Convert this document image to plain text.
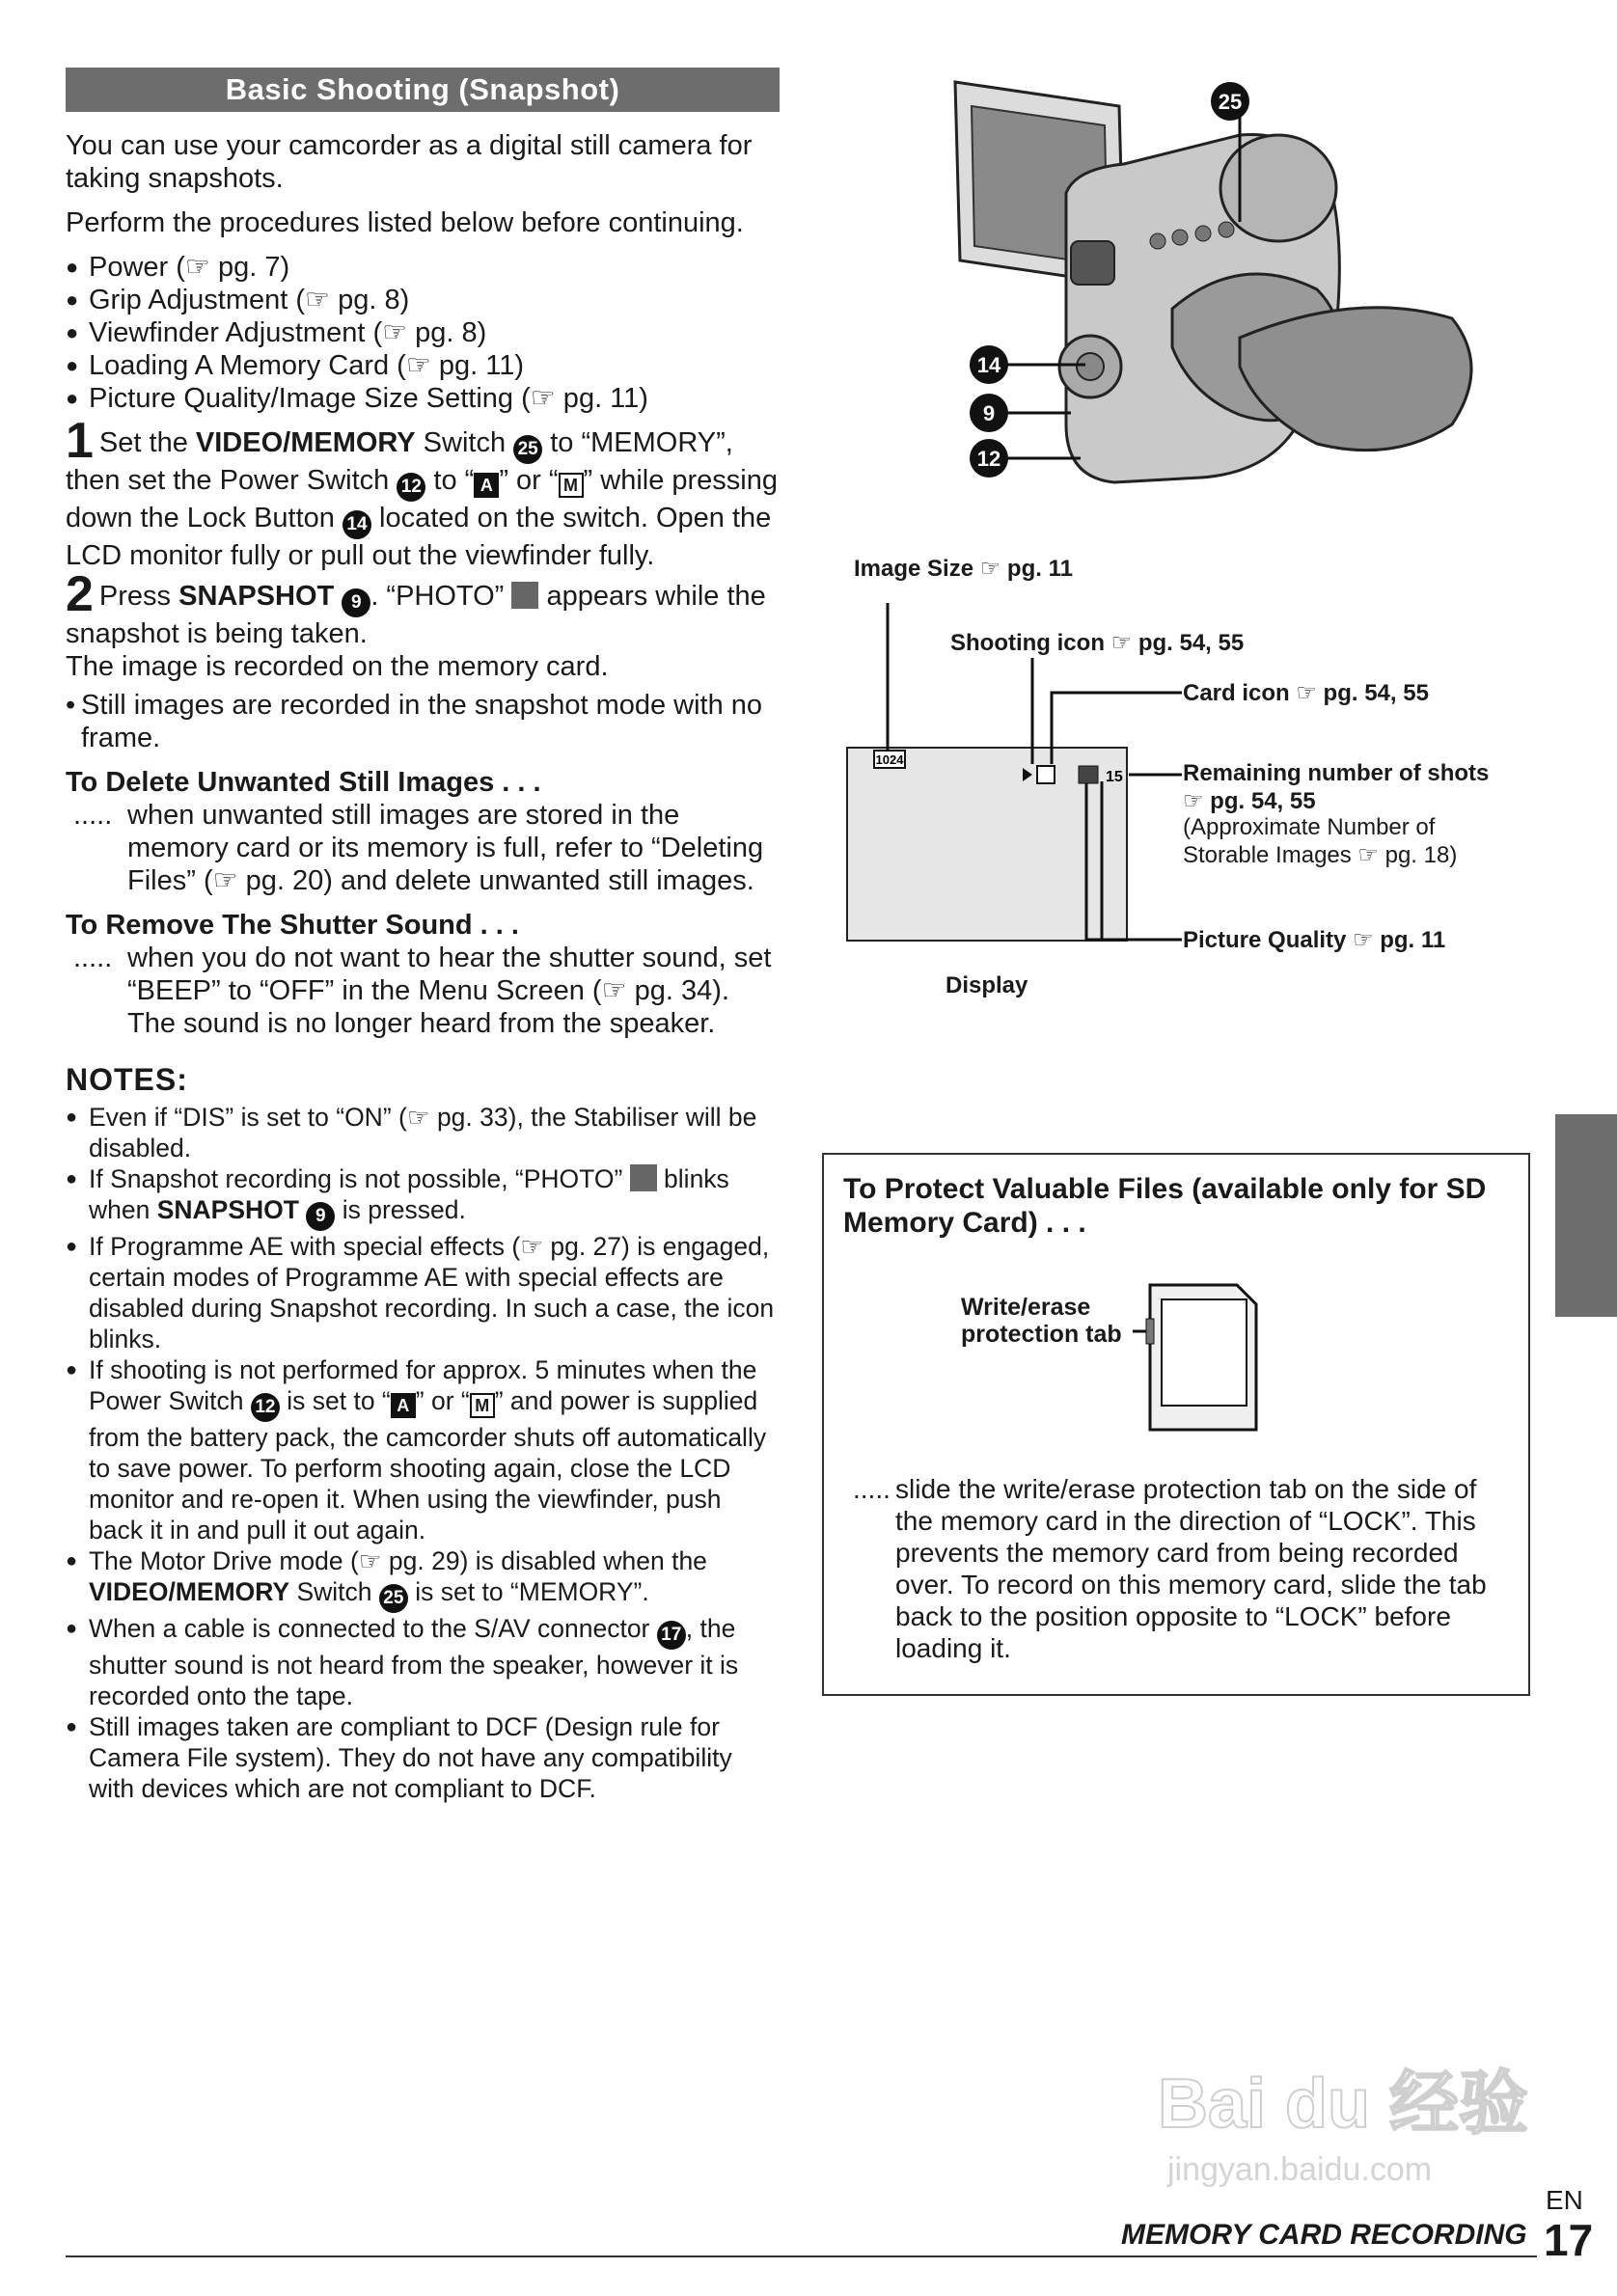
Basic Shooting (Snapshot)

You can use your camcorder as a digital still camera for taking snapshots.

Perform the procedures listed below before continuing.

● Power (☞ pg. 7)
● Grip Adjustment (☞ pg. 8)
● Viewfinder Adjustment (☞ pg. 8)
● Loading A Memory Card (☞ pg. 11)
● Picture Quality/Image Size Setting (☞ pg. 11)

1 Set the VIDEO/MEMORY Switch 25 to “MEMORY”, then set the Power Switch 12 to “ A ” or “ M ” while pressing down the Lock Button 14 located on the switch. Open the LCD monitor fully or pull out the viewfinder fully.

2 Press SNAPSHOT 9 . “PHOTO”  appears while the snapshot is being taken.
The image is recorded on the memory card.

• Still images are recorded in the snapshot mode with no frame.

To Delete Unwanted Still Images . . .

..... when unwanted still images are stored in the memory card or its memory is full, refer to “Deleting Files” (☞ pg. 20) and delete unwanted still images.

To Remove The Shutter Sound . . .

..... when you do not want to hear the shutter sound, set “BEEP” to “OFF” in the Menu Screen (☞ pg. 34). The sound is no longer heard from the speaker.
NOTES:
● Even if “DIS” is set to “ON” (☞ pg. 33), the Stabiliser will be disabled.
● If Snapshot recording is not possible, “PHOTO”  blinks when SNAPSHOT 9 is pressed.
● If Programme AE with special effects (☞ pg. 27) is engaged, certain modes of Programme AE with special effects are disabled during Snapshot recording. In such a case, the icon blinks.
● If shooting is not performed for approx. 5 minutes when the Power Switch 12 is set to “ A ” or “ M ” and power is supplied from the battery pack, the camcorder shuts off automatically to save power. To perform shooting again, close the LCD monitor and re-open it. When using the viewfinder, push back it in and pull it out again.
● The Motor Drive mode (☞ pg. 29) is disabled when the VIDEO/MEMORY Switch 25 is set to “MEMORY”.
● When a cable is connected to the S/AV connector 17 , the shutter sound is not heard from the speaker, however it is recorded onto the tape.
● Still images taken are compliant to DCF (Design rule for Camera File system). They do not have any compatibility with devices which are not compliant to DCF.
25
14
9
12
1024
15
Image Size ☞ pg. 11
Shooting icon ☞ pg. 54, 55
Card icon ☞ pg. 54, 55
Remaining number of shots
☞ pg. 54, 55
(Approximate Number of
Storable Images ☞ pg. 18)
Picture Quality ☞ pg. 11
Display
To Protect Valuable Files (available only for SD Memory Card) . . .
Write/erase
protection tab
..... slide the write/erase protection tab on the side of the memory card in the direction of “LOCK”. This prevents the memory card from being recorded over. To record on this memory card, slide the tab back to the position opposite to “LOCK” before loading it.
Bai du 经验
jingyan.baidu.com
MEMORY CARD RECORDING
EN
17
